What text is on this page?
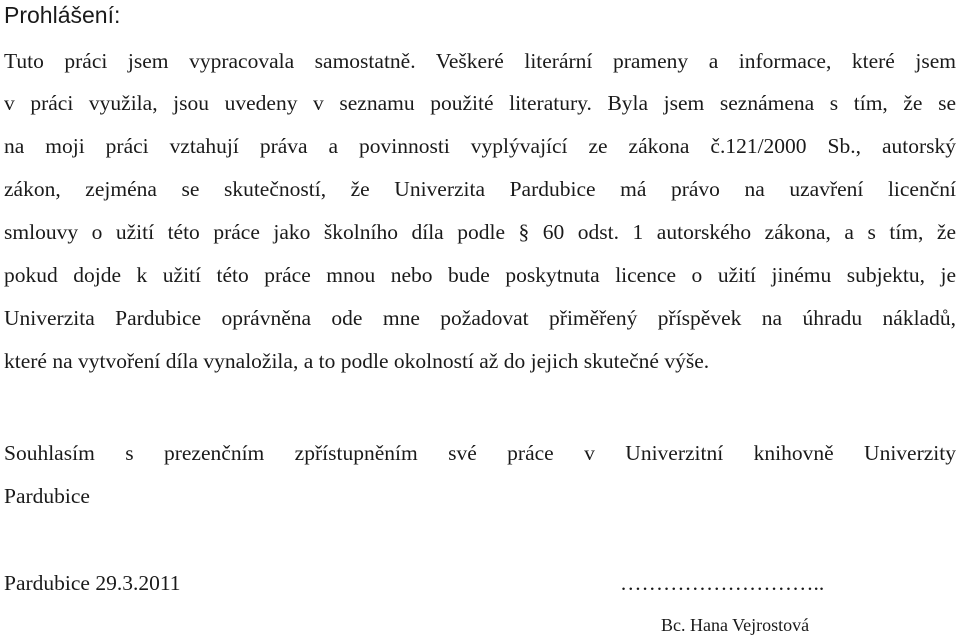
Prohlášení:
Tuto práci jsem vypracovala samostatně. Veškeré literární prameny a informace, které jsem
v práci využila, jsou uvedeny v seznamu použité literatury. Byla jsem seznámena s tím, že se
na moji práci vztahují práva a povinnosti vyplývající ze zákona č.121/2000 Sb., autorský
zákon, zejména se skutečností, že Univerzita Pardubice má právo na uzavření licenční
smlouvy o užití této práce jako školního díla podle § 60 odst. 1 autorského zákona, a s tím, že
pokud dojde k užití této práce mnou nebo bude poskytnuta licence o užití jinému subjektu, je
Univerzita Pardubice oprávněna ode mne požadovat přiměřený příspěvek na úhradu nákladů,
které na vytvoření díla vynaložila, a to podle okolností až do jejich skutečné výše.
Souhlasím s prezenčním zpřístupněním své práce v Univerzitní knihovně Univerzity
Pardubice
Pardubice 29.3.2011	………………………..
Bc. Hana Vejrostová
